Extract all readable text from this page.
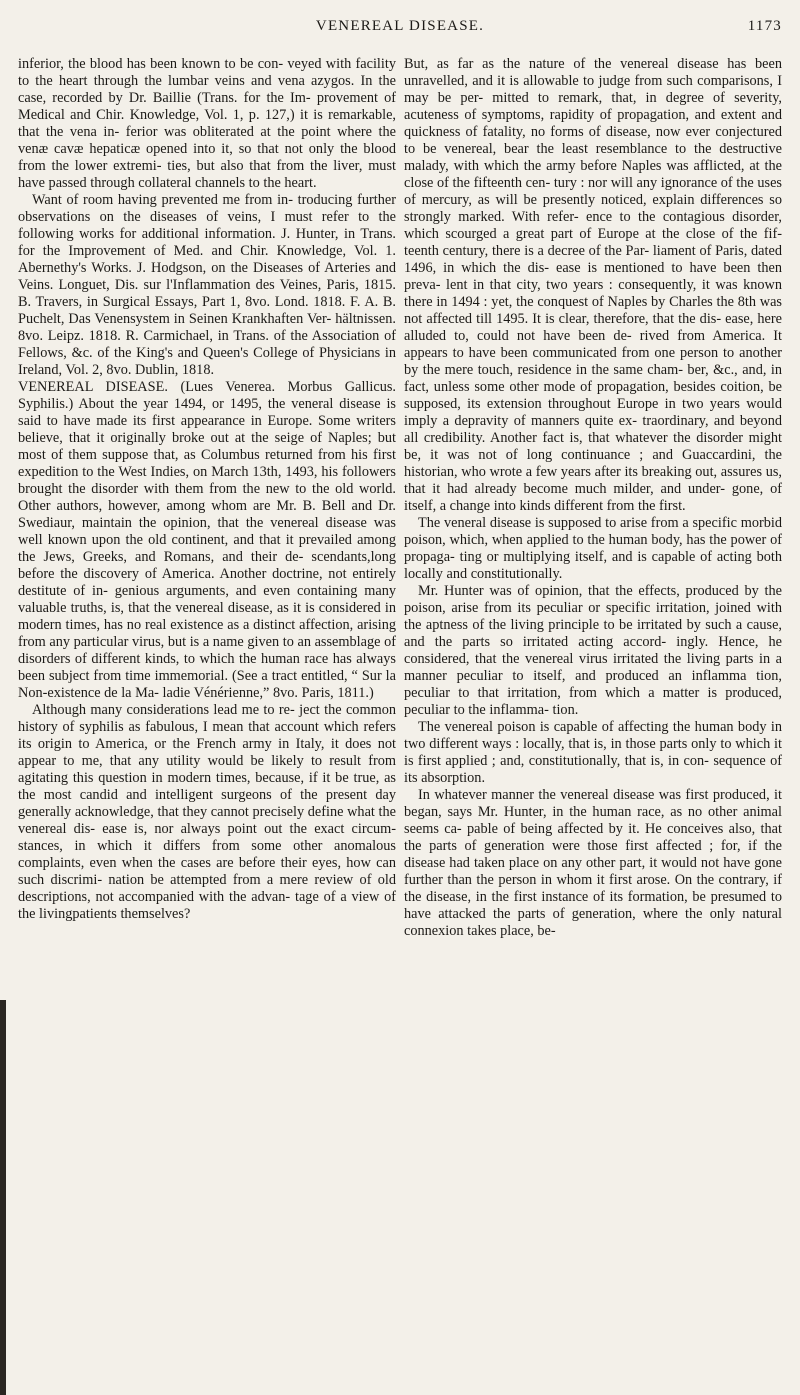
VENEREAL DISEASE.	1173

inferior, the blood has been known to be con- veyed with facility to the heart through the lumbar veins and vena azygos. In the case, recorded by Dr. Baillie (Trans. for the Im- provement of Medical and Chir. Knowledge, Vol. 1, p. 127,) it is remarkable, that the vena in- ferior was obliterated at the point where the venæ cavæ hepaticæ opened into it, so that not only the blood from the lower extremi- ties, but also that from the liver, must have passed through collateral channels to the heart.

Want of room having prevented me from in- troducing further observations on the diseases of veins, I must refer to the following works for additional information. J. Hunter, in Trans. for the Improvement of Med. and Chir. Knowledge, Vol. 1. Abernethy's Works. J. Hodgson, on the Diseases of Arteries and Veins. Longuet, Dis. sur l'Inflammation des Veines, Paris, 1815. B. Travers, in Surgical Essays, Part 1, 8vo. Lond. 1818. F. A. B. Puchelt, Das Venensystem in Seinen Krankhaften Ver- hältnissen. 8vo. Leipz. 1818. R. Carmichael, in Trans. of the Association of Fellows, &c. of the King's and Queen's College of Physicians in Ireland, Vol. 2, 8vo. Dublin, 1818.

VENEREAL DISEASE. (Lues Venerea. Morbus Gallicus. Syphilis.) About the year 1494, or 1495, the veneral disease is said to have made its first appearance in Europe. Some writers believe, that it originally broke out at the seige of Naples; but most of them suppose that, as Columbus returned from his first expedition to the West Indies, on March 13th, 1493, his followers brought the disorder with them from the new to the old world. Other authors, however, among whom are Mr. B. Bell and Dr. Swediaur, maintain the opinion, that the venereal disease was well known upon the old continent, and that it prevailed among the Jews, Greeks, and Romans, and their de- scendants,long before the discovery of America. Another doctrine, not entirely destitute of in- genious arguments, and even containing many valuable truths, is, that the venereal disease, as it is considered in modern times, has no real existence as a distinct affection, arising from any particular virus, but is a name given to an assemblage of disorders of different kinds, to which the human race has always been subject from time immemorial. (See a tract entitled, “ Sur la Non-existence de la Ma- ladie Vénérienne,” 8vo. Paris, 1811.)

Although many considerations lead me to re- ject the common history of syphilis as fabulous, I mean that account which refers its origin to America, or the French army in Italy, it does not appear to me, that any utility would be likely to result from agitating this question in modern times, because, if it be true, as the most candid and intelligent surgeons of the present day generally acknowledge, that they cannot precisely define what the venereal dis- ease is, nor always point out the exact circum- stances, in which it differs from some other anomalous complaints, even when the cases are before their eyes, how can such discrimi- nation be attempted from a mere review of old descriptions, not accompanied with the advan- tage of a view of the livingpatients themselves?

But, as far as the nature of the venereal disease has been unravelled, and it is allowable to judge from such comparisons, I may be per- mitted to remark, that, in degree of severity, acuteness of symptoms, rapidity of propagation, and extent and quickness of fatality, no forms of disease, now ever conjectured to be venereal, bear the least resemblance to the destructive malady, with which the army before Naples was afflicted, at the close of the fifteenth cen- tury : nor will any ignorance of the uses of mercury, as will be presently noticed, explain differences so strongly marked. With refer- ence to the contagious disorder, which scourged a great part of Europe at the close of the fif- teenth century, there is a decree of the Par- liament of Paris, dated 1496, in which the dis- ease is mentioned to have been then preva- lent in that city, two years : consequently, it was known there in 1494 : yet, the conquest of Naples by Charles the 8th was not affected till 1495. It is clear, therefore, that the dis- ease, here alluded to, could not have been de- rived from America. It appears to have been communicated from one person to another by the mere touch, residence in the same cham- ber, &c., and, in fact, unless some other mode of propagation, besides coition, be supposed, its extension throughout Europe in two years would imply a depravity of manners quite ex- traordinary, and beyond all credibility. Another fact is, that whatever the disorder might be, it was not of long continuance ; and Guaccardini, the historian, who wrote a few years after its breaking out, assures us, that it had already become much milder, and under- gone, of itself, a change into kinds different from the first.

The veneral disease is supposed to arise from a specific morbid poison, which, when applied to the human body, has the power of propaga- ting or multiplying itself, and is capable of acting both locally and constitutionally.

Mr. Hunter was of opinion, that the effects, produced by the poison, arise from its peculiar or specific irritation, joined with the aptness of the living principle to be irritated by such a cause, and the parts so irritated acting accord- ingly. Hence, he considered, that the venereal virus irritated the living parts in a manner peculiar to itself, and produced an inflamma tion, peculiar to that irritation, from which a matter is produced, peculiar to the inflamma- tion.

The venereal poison is capable of affecting the human body in two different ways : locally, that is, in those parts only to which it is first applied ; and, constitutionally, that is, in con- sequence of its absorption.

In whatever manner the venereal disease was first produced, it began, says Mr. Hunter, in the human race, as no other animal seems ca- pable of being affected by it. He conceives also, that the parts of generation were those first affected ; for, if the disease had taken place on any other part, it would not have gone further than the person in whom it first arose. On the contrary, if the disease, in the first instance of its formation, be presumed to have attacked the parts of generation, where the only natural connexion takes place, be-
